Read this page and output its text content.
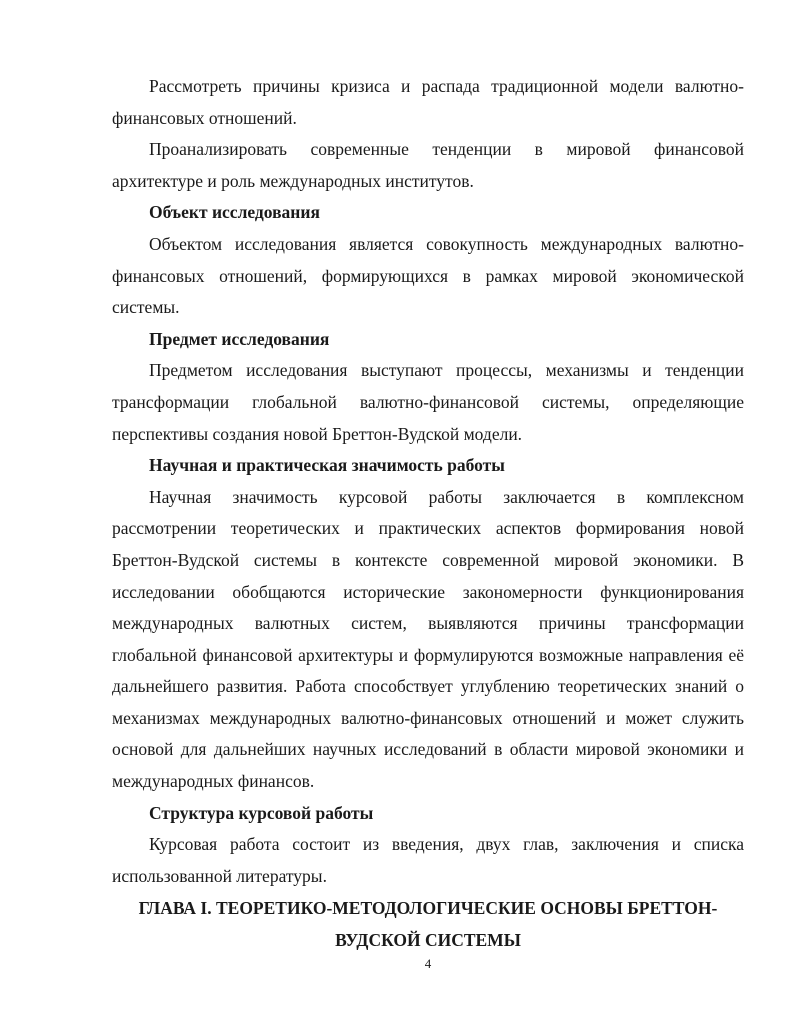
Рассмотреть причины кризиса и распада традиционной модели валютно-финансовых отношений.

Проанализировать современные тенденции в мировой финансовой архитектуре и роль международных институтов.

Объект исследования

Объектом исследования является совокупность международных валютно-финансовых отношений, формирующихся в рамках мировой экономической системы.

Предмет исследования

Предметом исследования выступают процессы, механизмы и тенденции трансформации глобальной валютно-финансовой системы, определяющие перспективы создания новой Бреттон-Вудской модели.

Научная и практическая значимость работы

Научная значимость курсовой работы заключается в комплексном рассмотрении теоретических и практических аспектов формирования новой Бреттон-Вудской системы в контексте современной мировой экономики. В исследовании обобщаются исторические закономерности функционирования международных валютных систем, выявляются причины трансформации глобальной финансовой архитектуры и формулируются возможные направления её дальнейшего развития. Работа способствует углублению теоретических знаний о механизмах международных валютно-финансовых отношений и может служить основой для дальнейших научных исследований в области мировой экономики и международных финансов.

Структура курсовой работы

Курсовая работа состоит из введения, двух глав, заключения и списка использованной литературы.

ГЛАВА I. ТЕОРЕТИКО-МЕТОДОЛОГИЧЕСКИЕ ОСНОВЫ БРЕТТОН-ВУДСКОЙ СИСТЕМЫ

4
